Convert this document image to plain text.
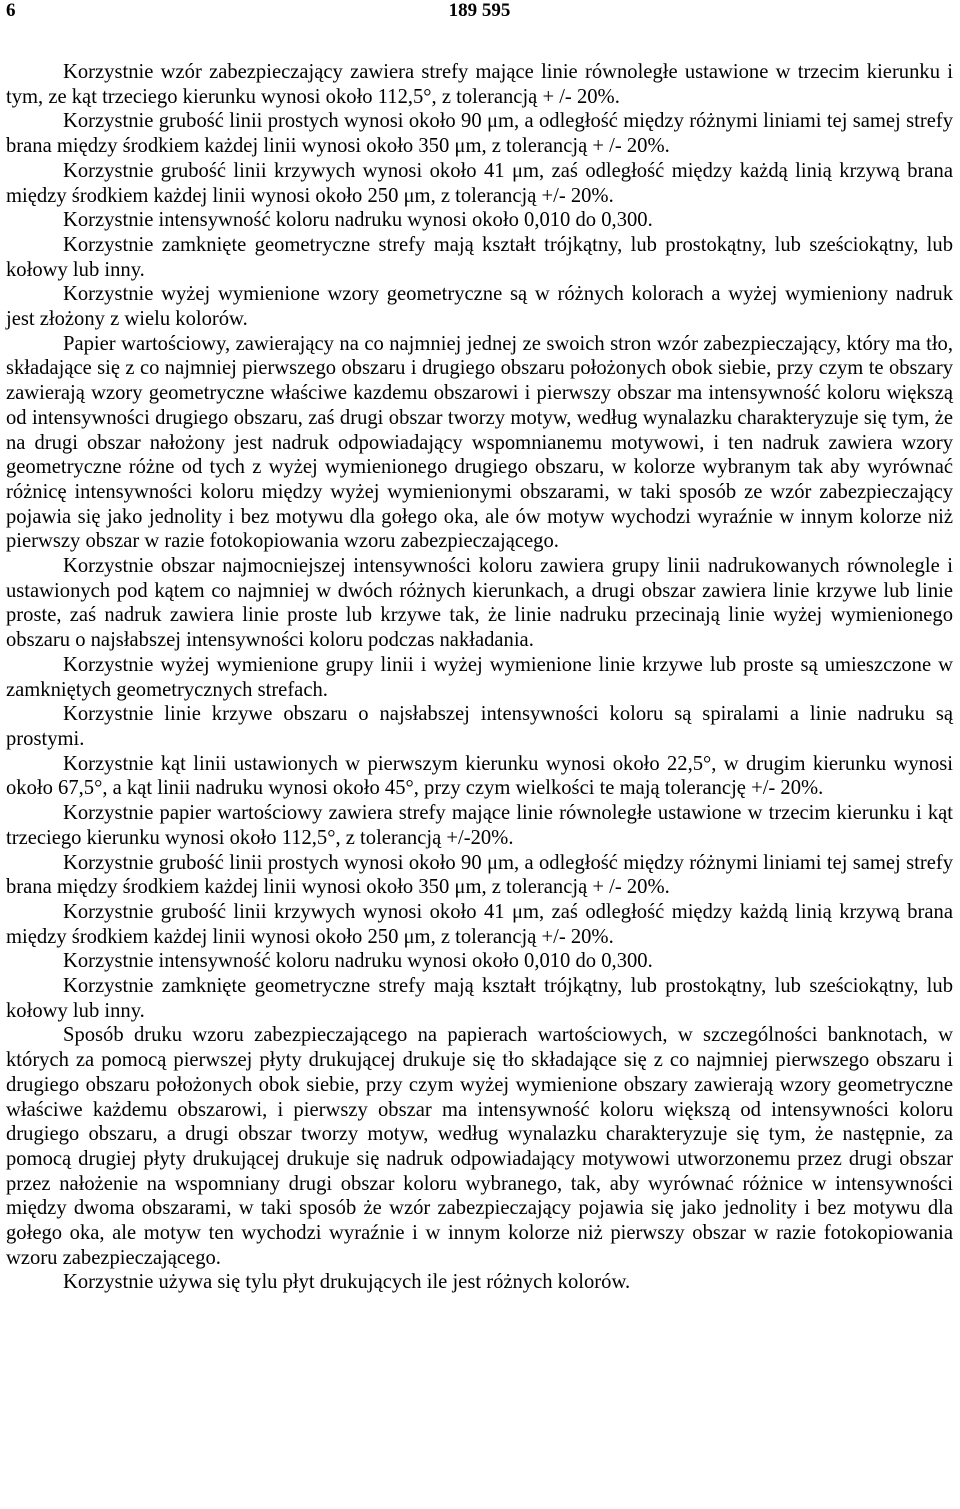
6	189 595

Korzystnie wzór zabezpieczający zawiera strefy mające linie równoległe ustawione w trzecim kierunku i tym, ze kąt trzeciego kierunku wynosi około 112,5°, z tolerancją + /- 20%.

Korzystnie grubość linii prostych wynosi około 90 μm, a odległość między różnymi liniami tej samej strefy brana między środkiem każdej linii wynosi około 350 μm, z tolerancją + /- 20%.

Korzystnie grubość linii krzywych wynosi około 41 μm, zaś odległość między każdą linią krzywą brana między środkiem każdej linii wynosi około 250 μm, z tolerancją +/- 20%.

Korzystnie intensywność koloru nadruku wynosi około 0,010 do 0,300.

Korzystnie zamknięte geometryczne strefy mają kształt trójkątny, lub prostokątny, lub sześciokątny, lub kołowy lub inny.

Korzystnie wyżej wymienione wzory geometryczne są w różnych kolorach a wyżej wymieniony nadruk jest złożony z wielu kolorów.

Papier wartościowy, zawierający na co najmniej jednej ze swoich stron wzór zabezpieczający, który ma tło, składające się z co najmniej pierwszego obszaru i drugiego obszaru położonych obok siebie, przy czym te obszary zawierają wzory geometryczne właściwe kazdemu obszarowi i pierwszy obszar ma intensywność koloru większą od intensywności drugiego obszaru, zaś drugi obszar tworzy motyw, według wynalazku charakteryzuje się tym, że na drugi obszar nałożony jest nadruk odpowiadający wspomnianemu motywowi, i ten nadruk zawiera wzory geometryczne różne od tych z wyżej wymienionego drugiego obszaru, w kolorze wybranym tak aby wyrównać różnicę intensywności koloru między wyżej wymienionymi obszarami, w taki sposób ze wzór zabezpieczający pojawia się jako jednolity i bez motywu dla gołego oka, ale ów motyw wychodzi wyraźnie w innym kolorze niż pierwszy obszar w razie fotokopiowania wzoru zabezpieczającego.

Korzystnie obszar najmocniejszej intensywności koloru zawiera grupy linii nadrukowanych równolegle i ustawionych pod kątem co najmniej w dwóch różnych kierunkach, a drugi obszar zawiera linie krzywe lub linie proste, zaś nadruk zawiera linie proste lub krzywe tak, że linie nadruku przecinają linie wyżej wymienionego obszaru o najsłabszej intensywności koloru podczas nakładania.

Korzystnie wyżej wymienione grupy linii i wyżej wymienione linie krzywe lub proste są umieszczone w zamkniętych geometrycznych strefach.

Korzystnie linie krzywe obszaru o najsłabszej intensywności koloru są spiralami a linie nadruku są prostymi.

Korzystnie kąt linii ustawionych w pierwszym kierunku wynosi około 22,5°, w drugim kierunku wynosi około 67,5°, a kąt linii nadruku wynosi około 45°, przy czym wielkości te mają tolerancję +/- 20%.

Korzystnie papier wartościowy zawiera strefy mające linie równoległe ustawione w trzecim kierunku i kąt trzeciego kierunku wynosi około 112,5°, z tolerancją +/-20%.

Korzystnie grubość linii prostych wynosi około 90 μm, a odległość między różnymi liniami tej samej strefy brana między środkiem każdej linii wynosi około 350 μm, z tolerancją + /- 20%.

Korzystnie grubość linii krzywych wynosi około 41 μm, zaś odległość między każdą linią krzywą brana między środkiem każdej linii wynosi około 250 μm, z tolerancją +/- 20%.

Korzystnie intensywność koloru nadruku wynosi około 0,010 do 0,300.

Korzystnie zamknięte geometryczne strefy mają kształt trójkątny, lub prostokątny, lub sześciokątny, lub kołowy lub inny.

Sposób druku wzoru zabezpieczającego na papierach wartościowych, w szczególności banknotach, w których za pomocą pierwszej płyty drukującej drukuje się tło składające się z co najmniej pierwszego obszaru i drugiego obszaru położonych obok siebie, przy czym wyżej wymienione obszary zawierają wzory geometryczne właściwe każdemu obszarowi, i pierwszy obszar ma intensywność koloru większą od intensywności koloru drugiego obszaru, a drugi obszar tworzy motyw, według wynalazku charakteryzuje się tym, że następnie, za pomocą drugiej płyty drukującej drukuje się nadruk odpowiadający motywowi utworzonemu przez drugi obszar przez nałożenie na wspomniany drugi obszar koloru wybranego, tak, aby wyrównać różnice w intensywności między dwoma obszarami, w taki sposób że wzór zabezpieczający pojawia się jako jednolity i bez motywu dla gołego oka, ale motyw ten wychodzi wyraźnie i w innym kolorze niż pierwszy obszar w razie fotokopiowania wzoru zabezpieczającego.

Korzystnie używa się tylu płyt drukujących ile jest różnych kolorów.
